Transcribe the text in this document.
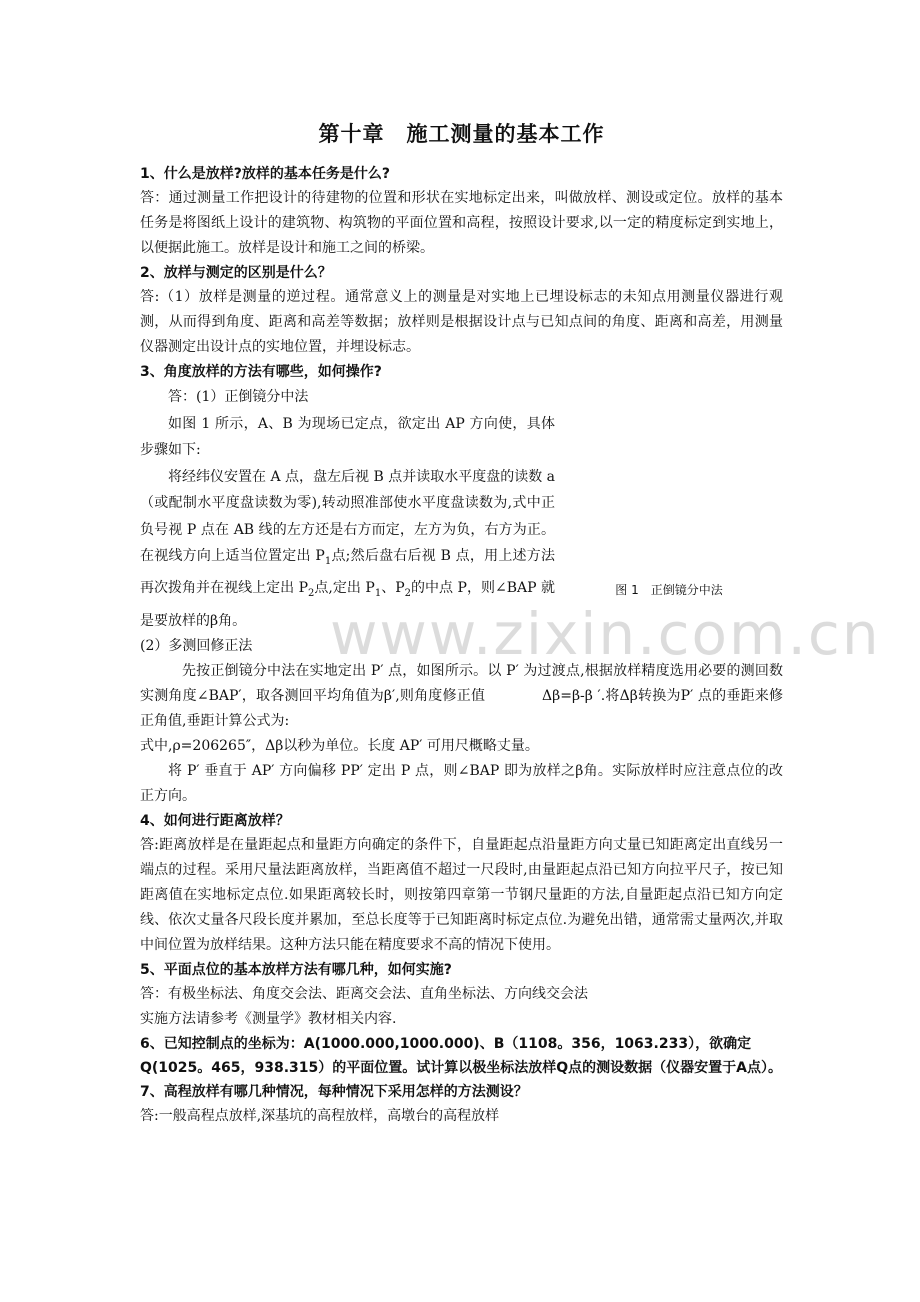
www.zixin.com.cn
第十章　施工测量的基本工作

1、什么是放样?放样的基本任务是什么?

答：通过测量工作把设计的待建物的位置和形状在实地标定出来，叫做放样、测设或定位。放样的基本任务是将图纸上设计的建筑物、构筑物的平面位置和高程，按照设计要求,以一定的精度标定到实地上，以便据此施工。放样是设计和施工之间的桥梁。

2、放样与测定的区别是什么？

答:（1）放样是测量的逆过程。通常意义上的测量是对实地上已埋设标志的未知点用测量仪器进行观测，从而得到角度、距离和高差等数据；放样则是根据设计点与已知点间的角度、距离和高差，用测量仪器测定出设计点的实地位置，并埋设标志。

3、角度放样的方法有哪些，如何操作?

答：(1）正倒镜分中法

如图 1 所示，A、B 为现场已定点，欲定出 AP 方向使，具体步骤如下:

将经纬仪安置在 A 点，盘左后视 B 点并读取水平度盘的读数 a（或配制水平度盘读数为零),转动照准部使水平度盘读数为,式中正负号视 P 点在 AB 线的左方还是右方而定，左方为负，右方为正。在视线方向上适当位置定出 $P_1$点;然后盘右后视 B 点，用上述方法再次拨角并在视线上定出 $P_2$点,定出 $P_1$、$P_2$的中点 P，则∠BAP 就是要放样的β角。

图 1　正倒镜分中法

(2）多测回修正法

先按正倒镜分中法在实地定出 P′ 点，如图所示。以 P′ 为过渡点,根据放样精度选用必要的测回数实测角度∠BAP′，取各测回平均角值为β′,则角度修正值　　　　	Δβ=β-β ′.将Δβ转换为P′ 点的垂距来修正角值,垂距计算公式为:

式中,ρ=206265″，Δβ以秒为单位。长度 AP′ 可用尺概略丈量。

将 P′ 垂直于 AP′ 方向偏移 PP′ 定出 P 点，则∠BAP 即为放样之β角。实际放样时应注意点位的改正方向。

4、如何进行距离放样？

答:距离放样是在量距起点和量距方向确定的条件下，自量距起点沿量距方向丈量已知距离定出直线另一端点的过程。采用尺量法距离放样，当距离值不超过一尺段时,由量距起点沿已知方向拉平尺子，按已知距离值在实地标定点位.如果距离较长时，则按第四章第一节钢尺量距的方法,自量距起点沿已知方向定线、依次丈量各尺段长度并累加，至总长度等于已知距离时标定点位.为避免出错，通常需丈量两次,并取中间位置为放样结果。这种方法只能在精度要求不高的情况下使用。

5、平面点位的基本放样方法有哪几种，如何实施?

答：有极坐标法、角度交会法、距离交会法、直角坐标法、方向线交会法

实施方法请参考《测量学》教材相关内容.

6、已知控制点的坐标为：A(1000.000,1000.000)、B（1108。356，1063.233），欲确定Q(1025。465，938.315）的平面位置。试计算以极坐标法放样Q点的测设数据（仪器安置于A点）。

7、高程放样有哪几种情况，每种情况下采用怎样的方法测设？

答:一般高程点放样,深基坑的高程放样，高墩台的高程放样
